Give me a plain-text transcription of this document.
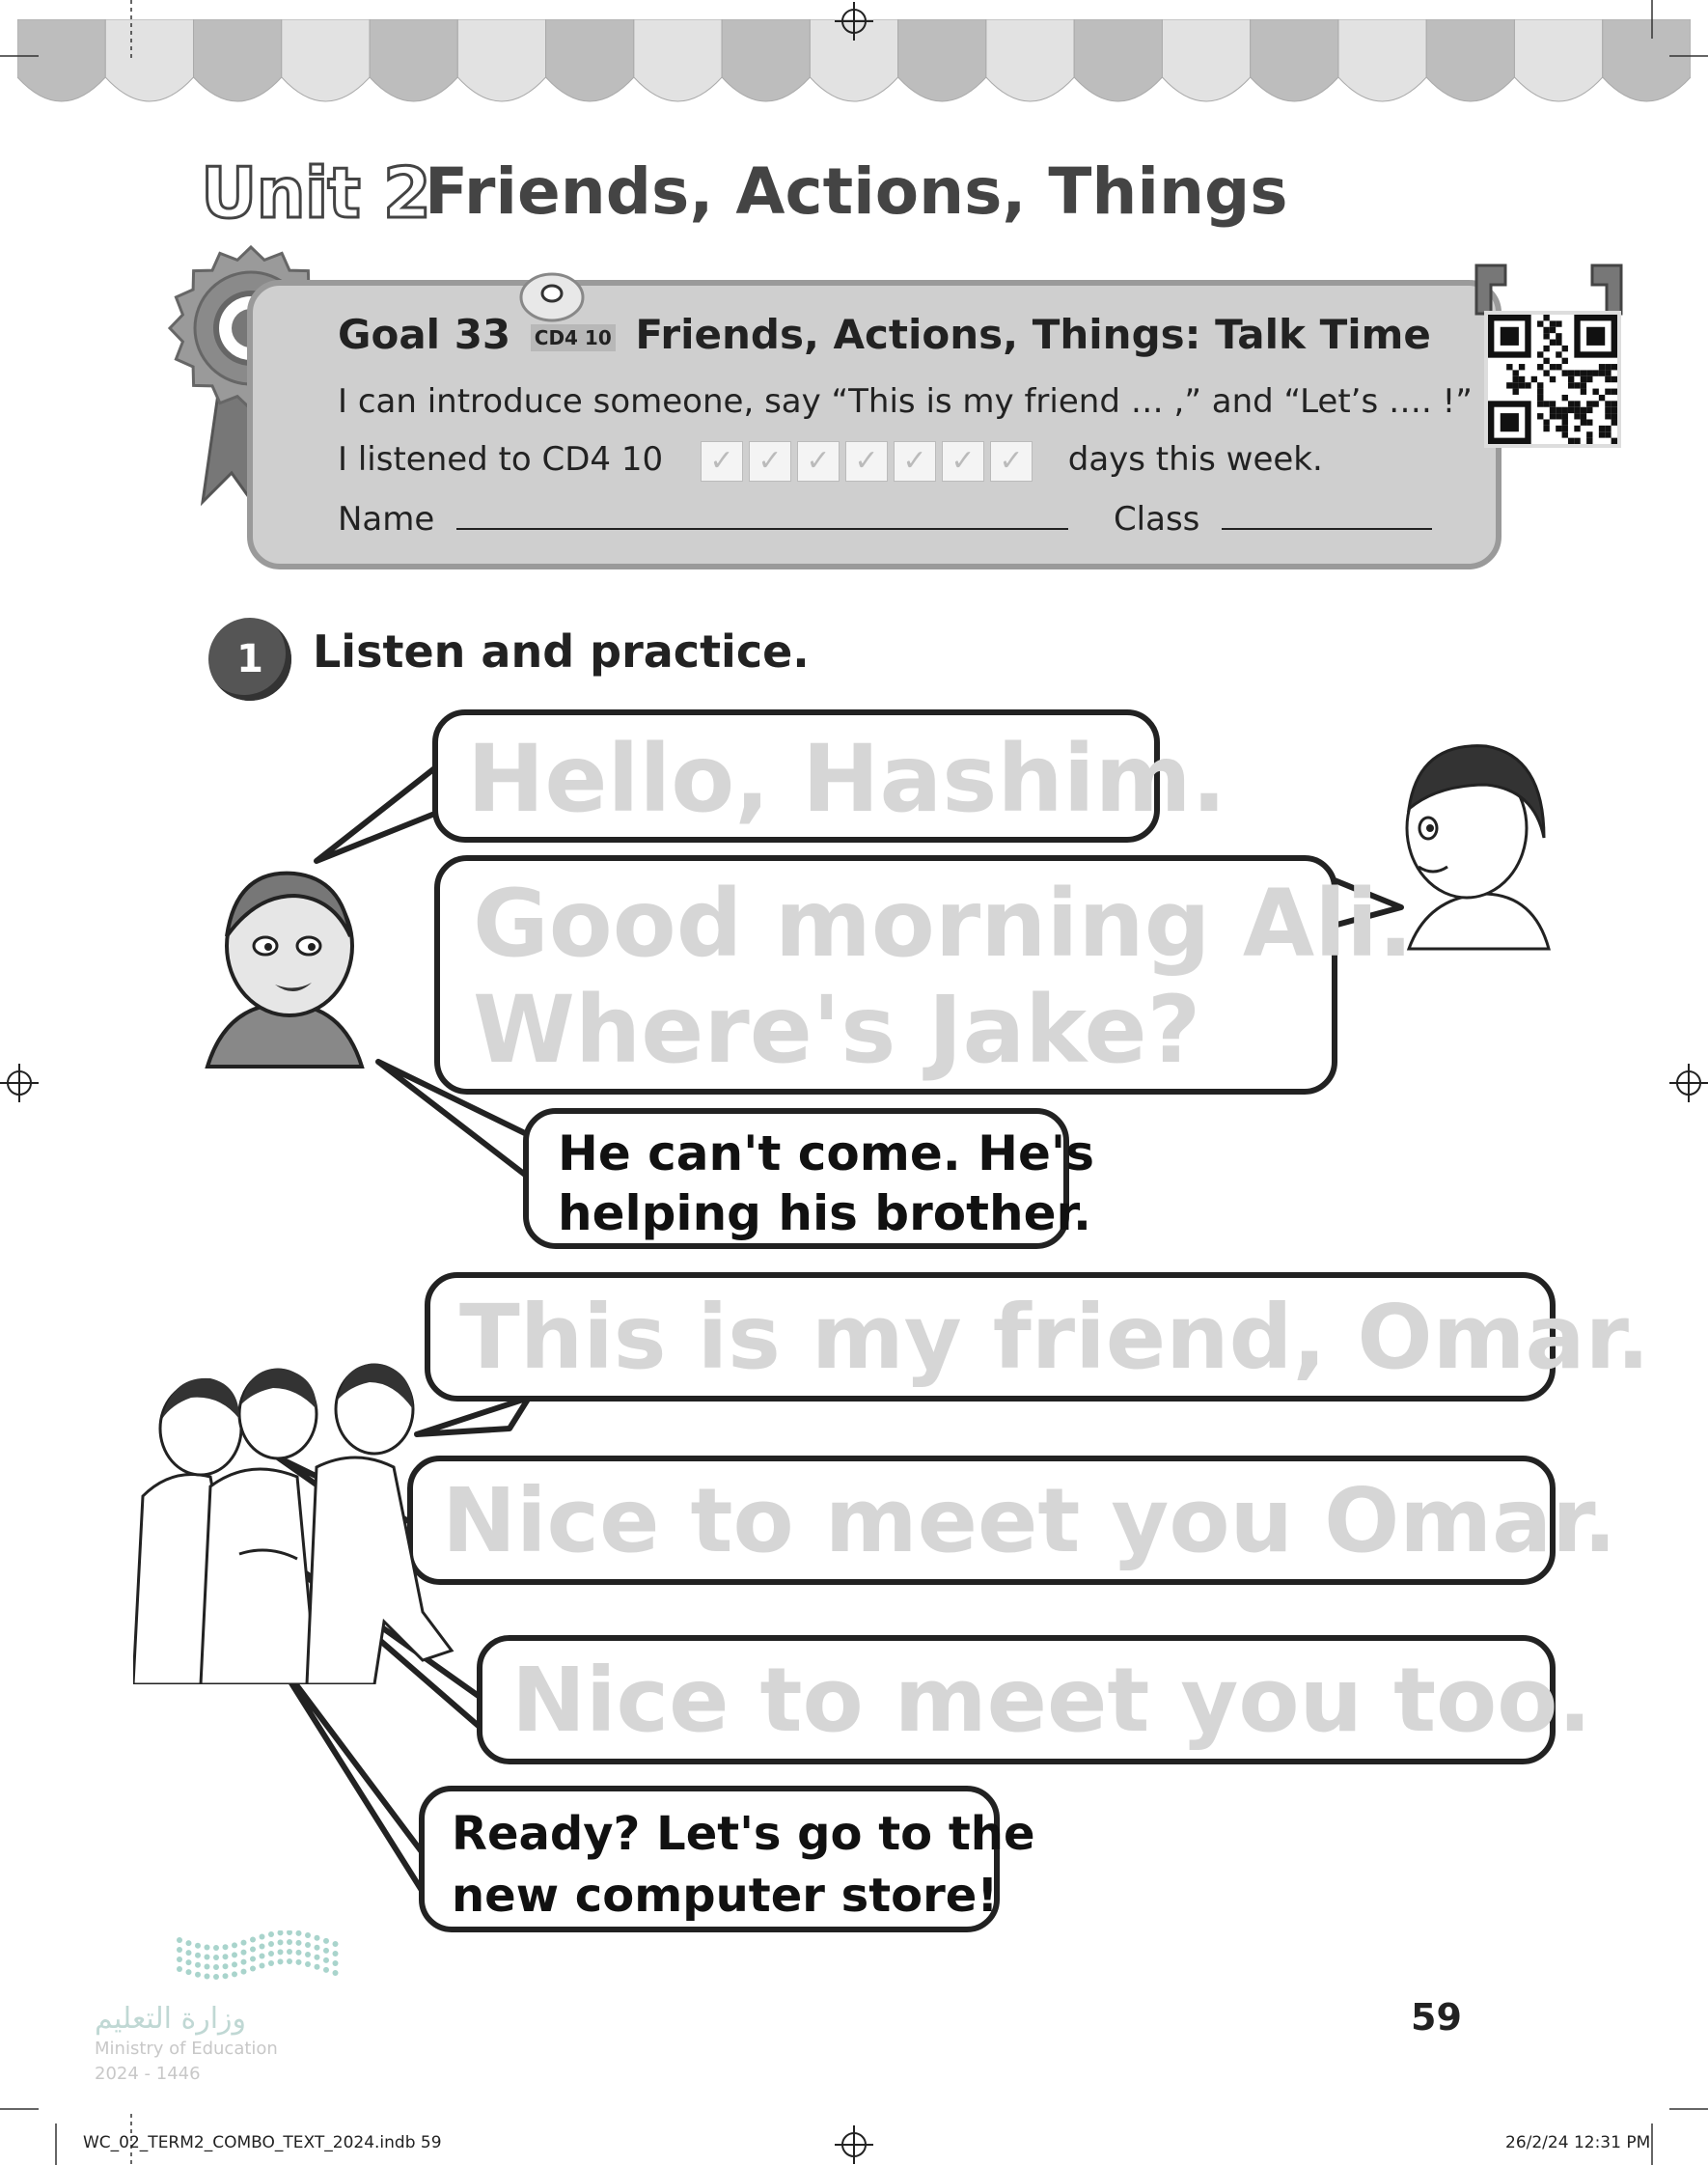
Unit 2
Friends, Actions, Things
Goal 33 CD4 10 Friends, Actions, Things: Talk Time
I can introduce someone, say “This is my friend … ,” and “Let’s …. !”
I listened to CD4 10 ✓ ✓ ✓ ✓ ✓ ✓ ✓ days this week.
Name	Class
1	Listen and practice.
Hello, Hashim.
Good morning Ali.
Where's Jake?
He can't come. He's
helping his brother.
This is my friend, Omar.
Nice to meet you Omar.
Nice to meet you too.
Ready? Let's go to the
new computer store!
وزارة التعليم
Ministry of Education
2024 - 1446
59
WC_02_TERM2_COMBO_TEXT_2024.indb 59	26/2/24 12:31 PM
